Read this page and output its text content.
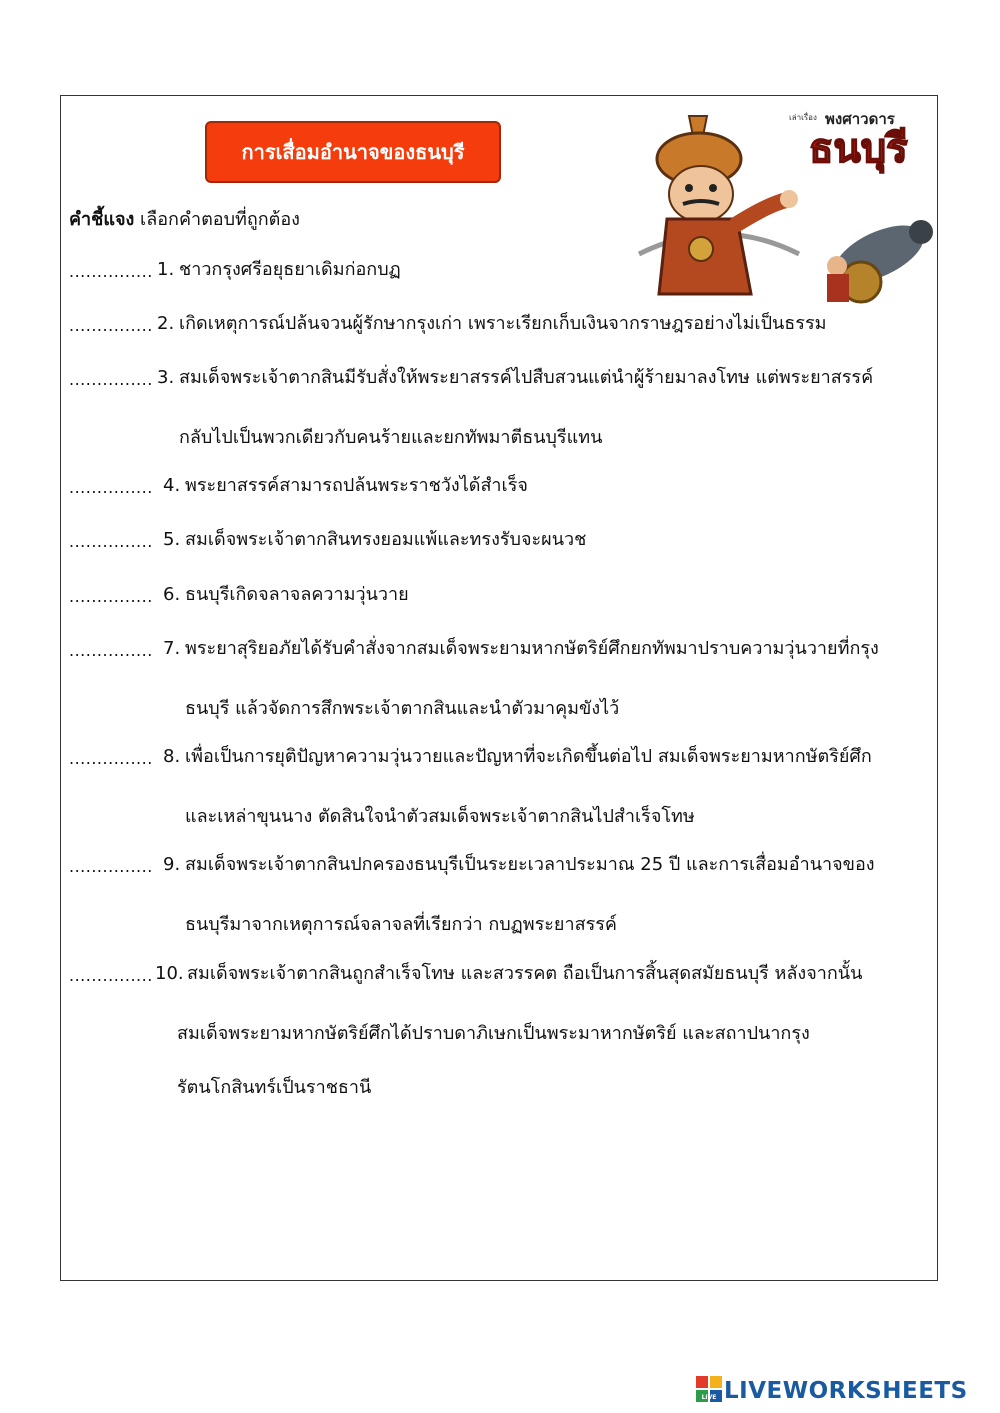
การเสื่อมอำนาจของธนบุรี
เล่าเรื่อง พงศาวดาร
ธนบุรี
คำชี้แจง เลือกคำตอบที่ถูกต้อง
............... 1. ชาวกรุงศรีอยุธยาเดิมก่อกบฏ
............... 2. เกิดเหตุการณ์ปล้นจวนผู้รักษากรุงเก่า เพราะเรียกเก็บเงินจากราษฎรอย่างไม่เป็นธรรม
............... 3. สมเด็จพระเจ้าตากสินมีรับสั่งให้พระยาสรรค์ไปสืบสวนแต่นำผู้ร้ายมาลงโทษ แต่พระยาสรรค์
กลับไปเป็นพวกเดียวกับคนร้ายและยกทัพมาตีธนบุรีแทน
............... 4. พระยาสรรค์สามารถปล้นพระราชวังได้สำเร็จ
............... 5. สมเด็จพระเจ้าตากสินทรงยอมแพ้และทรงรับจะผนวช
............... 6. ธนบุรีเกิดจลาจลความวุ่นวาย
............... 7. พระยาสุริยอภัยได้รับคำสั่งจากสมเด็จพระยามหากษัตริย์ศึกยกทัพมาปราบความวุ่นวายที่กรุง
ธนบุรี แล้วจัดการสึกพระเจ้าตากสินและนำตัวมาคุมขังไว้
............... 8. เพื่อเป็นการยุติปัญหาความวุ่นวายและปัญหาที่จะเกิดขึ้นต่อไป สมเด็จพระยามหากษัตริย์ศึก
และเหล่าขุนนาง ตัดสินใจนำตัวสมเด็จพระเจ้าตากสินไปสำเร็จโทษ
............... 9. สมเด็จพระเจ้าตากสินปกครองธนบุรีเป็นระยะเวลาประมาณ 25 ปี และการเสื่อมอำนาจของ
ธนบุรีมาจากเหตุการณ์จลาจลที่เรียกว่า กบฏพระยาสรรค์
............... 10. สมเด็จพระเจ้าตากสินถูกสำเร็จโทษ และสวรรคต ถือเป็นการสิ้นสุดสมัยธนบุรี หลังจากนั้น
สมเด็จพระยามหากษัตริย์ศึกได้ปราบดาภิเษกเป็นพระมาหากษัตริย์ และสถาปนากรุง
รัตนโกสินทร์เป็นราชธานี
LIVE LIVEWORKSHEETS
